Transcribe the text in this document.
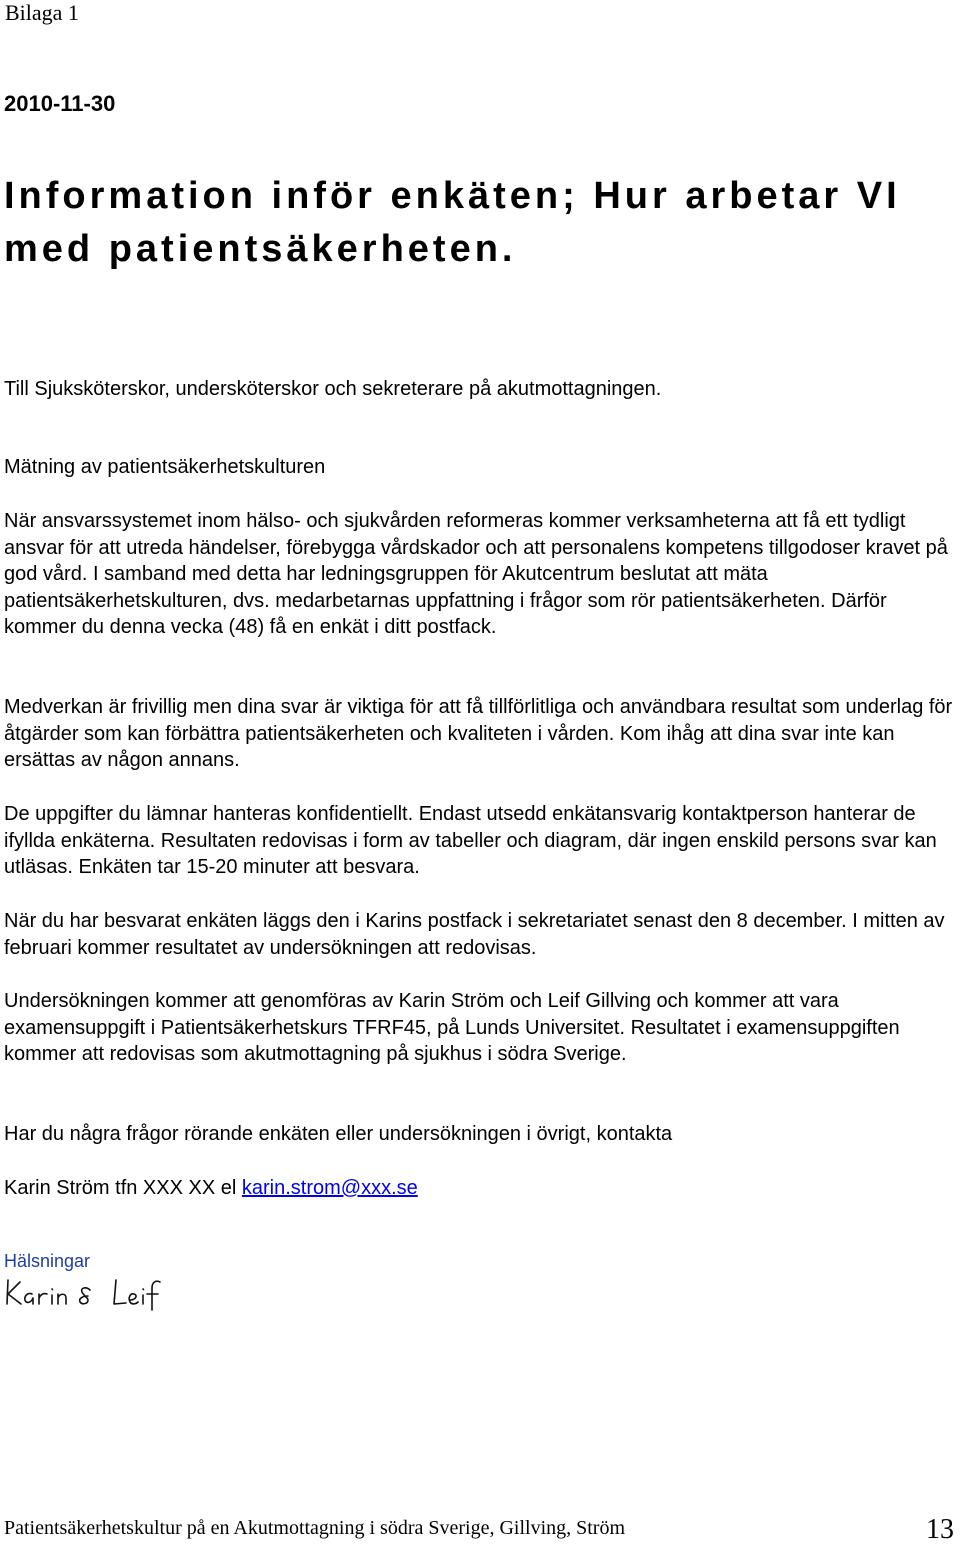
Bilaga 1
2010-11-30
Information inför enkäten; Hur arbetar VI med patientsäkerheten.
Till Sjuksköterskor, undersköterskor och sekreterare på akutmottagningen.
Mätning av patientsäkerhetskulturen
När ansvarssystemet inom hälso- och sjukvården reformeras kommer verksamheterna att få ett tydligt ansvar för att utreda händelser, förebygga vårdskador och att personalens kompetens tillgodoser kravet på god vård. I samband med detta har ledningsgruppen för Akutcentrum beslutat att mäta patientsäkerhetskulturen, dvs. medarbetarnas uppfattning i frågor som rör patientsäkerheten. Därför kommer du denna vecka (48) få en enkät i ditt postfack.
Medverkan är frivillig men dina svar är viktiga för att få tillförlitliga och användbara resultat som underlag för åtgärder som kan förbättra patientsäkerheten och kvaliteten i vården. Kom ihåg att dina svar inte kan ersättas av någon annans.
De uppgifter du lämnar hanteras konfidentiellt. Endast utsedd enkätansvarig kontaktperson hanterar de ifyllda enkäterna. Resultaten redovisas i form av tabeller och diagram, där ingen enskild persons svar kan utläsas. Enkäten tar 15-20 minuter att besvara.
När du har besvarat enkäten läggs den i Karins postfack i sekretariatet senast den 8 december. I mitten av februari kommer resultatet av undersökningen att redovisas.
Undersökningen kommer att genomföras av Karin Ström och Leif Gillving och kommer att vara examensuppgift i Patientsäkerhetskurs TFRF45, på Lunds Universitet. Resultatet i examensuppgiften kommer att redovisas som akutmottagning på sjukhus i södra Sverige.
Har du några frågor rörande enkäten eller undersökningen i övrigt, kontakta
Karin Ström tfn XXX XX el karin.strom@xxx.se
Hälsningar
Patientsäkerhetskultur på en Akutmottagning i södra Sverige, Gillving, Ström	13
